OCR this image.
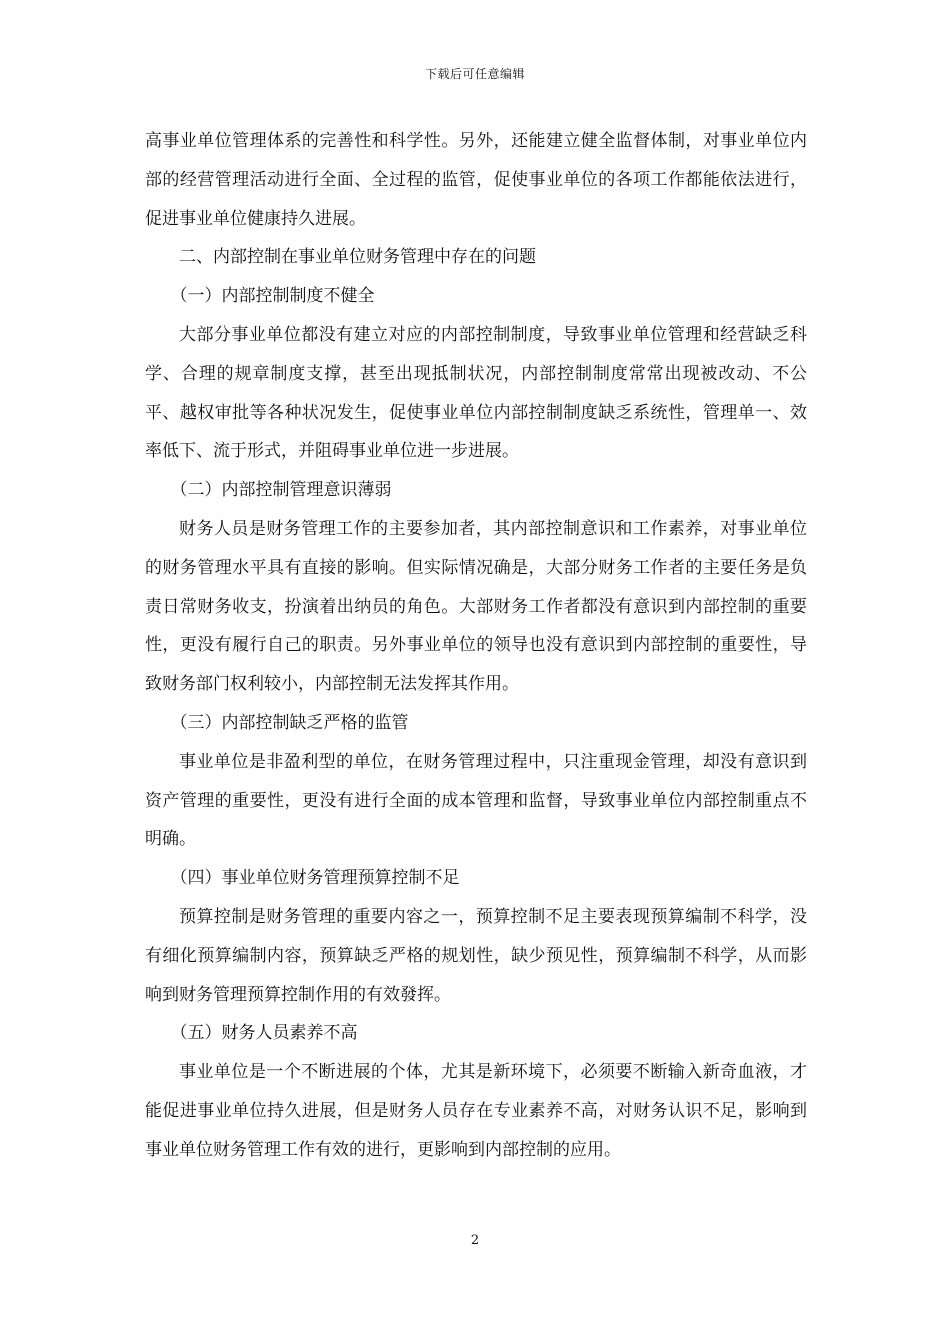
下载后可任意编辑

高事业单位管理体系的完善性和科学性。另外，还能建立健全监督体制，对事业单位内部的经营管理活动进行全面、全过程的监管，促使事业单位的各项工作都能依法进行，促进事业单位健康持久进展。

二、内部控制在事业单位财务管理中存在的问题

（一）内部控制制度不健全

大部分事业单位都没有建立对应的内部控制制度，导致事业单位管理和经营缺乏科学、合理的规章制度支撑，甚至出现抵制状况，内部控制制度常常出现被改动、不公平、越权审批等各种状况发生，促使事业单位内部控制制度缺乏系统性，管理单一、效率低下、流于形式，并阻碍事业单位进一步进展。

（二）内部控制管理意识薄弱

财务人员是财务管理工作的主要参加者，其内部控制意识和工作素养，对事业单位的财务管理水平具有直接的影响。但实际情况确是，大部分财务工作者的主要任务是负责日常财务收支，扮演着出纳员的角色。大部财务工作者都没有意识到内部控制的重要性，更没有履行自己的职责。另外事业单位的领导也没有意识到内部控制的重要性，导致财务部门权利较小，内部控制无法发挥其作用。

（三）内部控制缺乏严格的监管

事业单位是非盈利型的单位，在财务管理过程中，只注重现金管理，却没有意识到资产管理的重要性，更没有进行全面的成本管理和监督，导致事业单位内部控制重点不明确。

（四）事业单位财务管理预算控制不足

预算控制是财务管理的重要内容之一，预算控制不足主要表现预算编制不科学，没有细化预算编制内容，预算缺乏严格的规划性，缺少预见性，预算编制不科学，从而影响到财务管理预算控制作用的有效發挥。

（五）财务人员素养不高

事业单位是一个不断进展的个体，尤其是新环境下，必须要不断输入新奇血液，才能促进事业单位持久进展，但是财务人员存在专业素养不高，对财务认识不足，影响到事业单位财务管理工作有效的进行，更影响到内部控制的应用。

2
